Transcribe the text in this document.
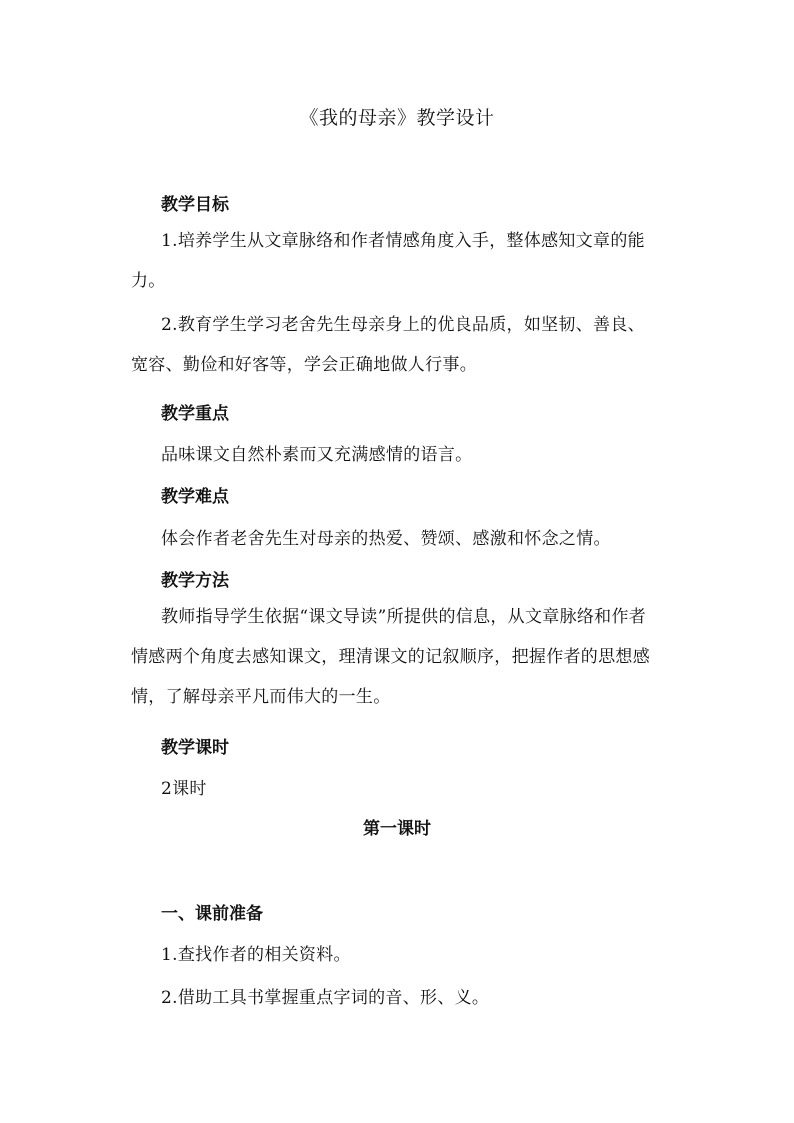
《我的母亲》教学设计
教学目标
1.培养学生从文章脉络和作者情感角度入手，整体感知文章的能力。
2.教育学生学习老舍先生母亲身上的优良品质，如坚韧、善良、宽容、勤俭和好客等，学会正确地做人行事。
教学重点
品味课文自然朴素而又充满感情的语言。
教学难点
体会作者老舍先生对母亲的热爱、赞颂、感激和怀念之情。
教学方法
教师指导学生依据“课文导读”所提供的信息，从文章脉络和作者情感两个角度去感知课文，理清课文的记叙顺序，把握作者的思想感情，了解母亲平凡而伟大的一生。
教学课时
2课时
第一课时
一、课前准备
1.查找作者的相关资料。
2.借助工具书掌握重点字词的音、形、义。
